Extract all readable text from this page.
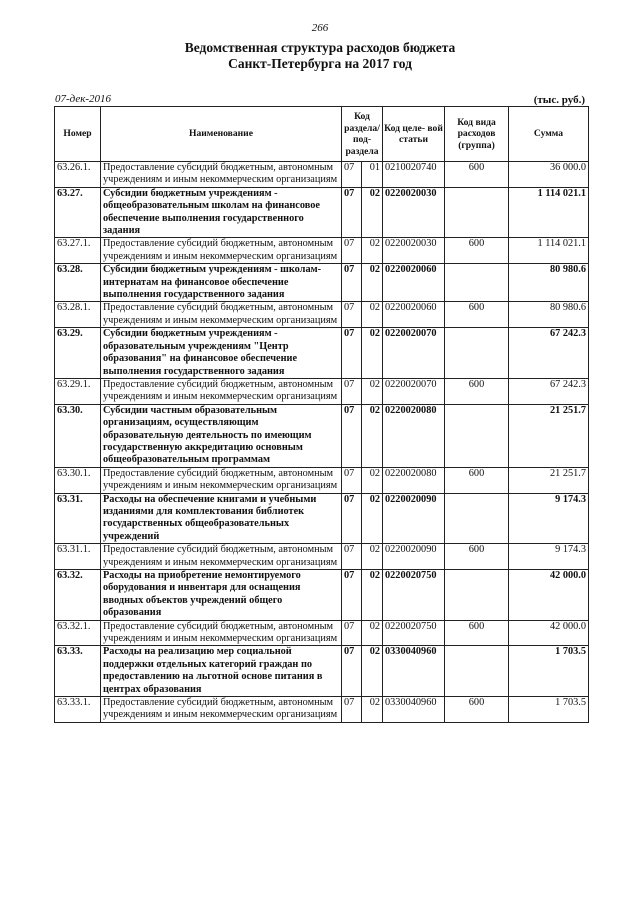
266
Ведомственная структура расходов бюджета
Санкт-Петербурга на 2017 год
07-дек-2016	(тыс. руб.)
Номер	Наименование	Код раздела/ под- раздела		Код целе- вой статьи	Код вида расходов (группа)	Сумма
63.26.1.	Предоставление субсидий бюджетным, автономным учреждениям и иным некоммерческим организациям	07	01	0210020740	600	36 000.0
63.27.	Субсидии бюджетным учреждениям - общеобразовательным школам на финансовое обеспечение выполнения государственного задания	07	02	0220020030		1 114 021.1
63.27.1.	Предоставление субсидий бюджетным, автономным учреждениям и иным некоммерческим организациям	07	02	0220020030	600	1 114 021.1
63.28.	Субсидии бюджетным учреждениям - школам-интернатам на финансовое обеспечение выполнения государственного задания	07	02	0220020060		80 980.6
63.28.1.	Предоставление субсидий бюджетным, автономным учреждениям и иным некоммерческим организациям	07	02	0220020060	600	80 980.6
63.29.	Субсидии бюджетным учреждениям - образовательным учреждениям "Центр образования" на финансовое обеспечение выполнения государственного задания	07	02	0220020070		67 242.3
63.29.1.	Предоставление субсидий бюджетным, автономным учреждениям и иным некоммерческим организациям	07	02	0220020070	600	67 242.3
63.30.	Субсидии частным образовательным организациям, осуществляющим образовательную деятельность по имеющим государственную аккредитацию основным общеобразовательным программам	07	02	0220020080		21 251.7
63.30.1.	Предоставление субсидий бюджетным, автономным учреждениям и иным некоммерческим организациям	07	02	0220020080	600	21 251.7
63.31.	Расходы на обеспечение книгами и учебными изданиями для комплектования библиотек государственных общеобразовательных учреждений	07	02	0220020090		9 174.3
63.31.1.	Предоставление субсидий бюджетным, автономным учреждениям и иным некоммерческим организациям	07	02	0220020090	600	9 174.3
63.32.	Расходы на приобретение немонтируемого оборудования и инвентаря для оснащения вводных объектов учреждений общего образования	07	02	0220020750		42 000.0
63.32.1.	Предоставление субсидий бюджетным, автономным учреждениям и иным некоммерческим организациям	07	02	0220020750	600	42 000.0
63.33.	Расходы на реализацию мер социальной поддержки отдельных категорий граждан по предоставлению на льготной основе питания в центрах образования	07	02	0330040960		1 703.5
63.33.1.	Предоставление субсидий бюджетным, автономным учреждениям и иным некоммерческим организациям	07	02	0330040960	600	1 703.5
